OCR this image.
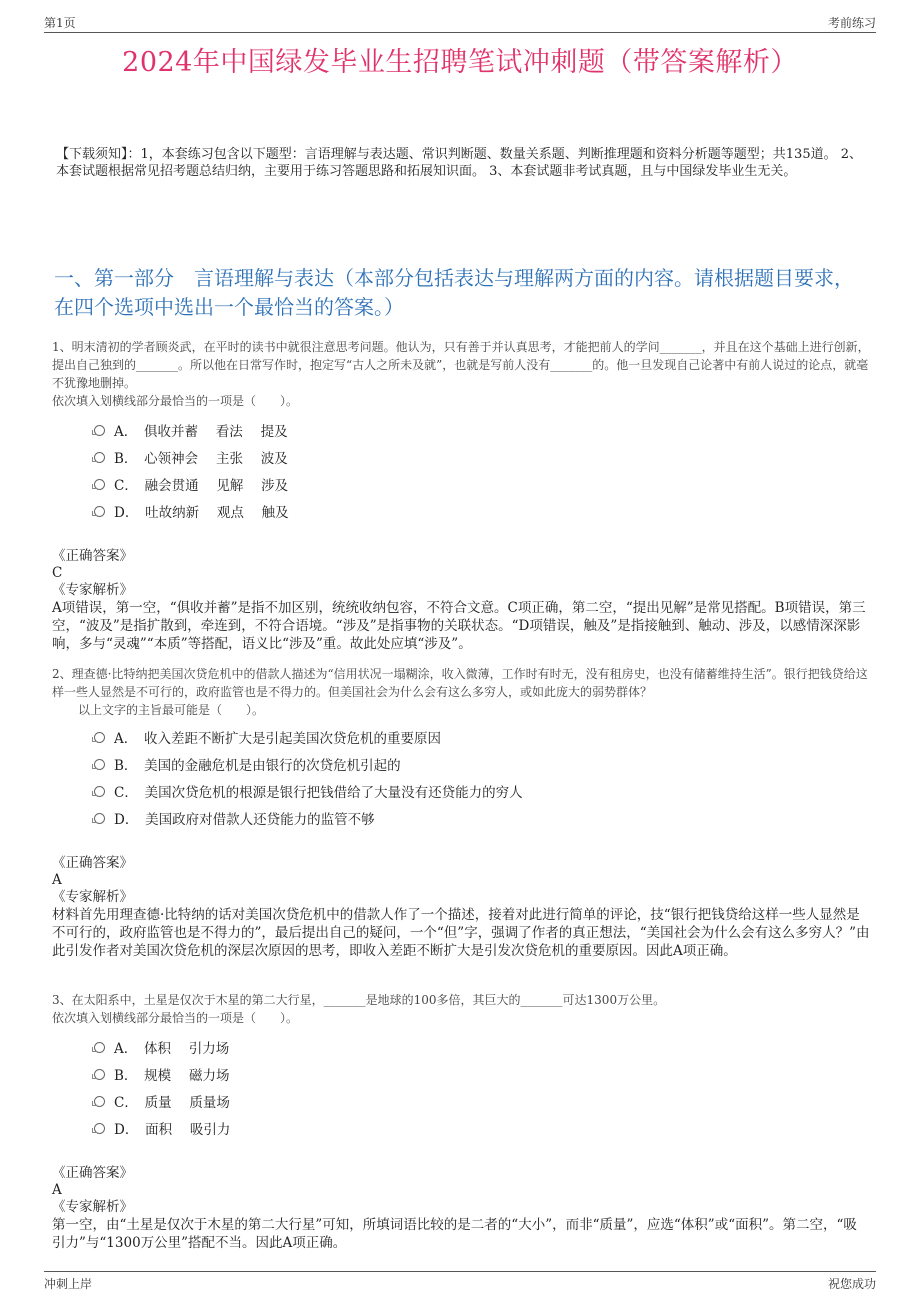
第1页	考前练习
2024年中国绿发毕业生招聘笔试冲刺题（带答案解析）
【下载须知】：1，本套练习包含以下题型：言语理解与表达题、常识判断题、数量关系题、判断推理题和资料分析题等题型；共135道。 2、本套试题根据常见招考题总结归纳，主要用于练习答题思路和拓展知识面。 3、本套试题非考试真题，且与中国绿发毕业生无关。
一、第一部分　言语理解与表达（本部分包括表达与理解两方面的内容。请根据题目要求，在四个选项中选出一个最恰当的答案。）
1、明末清初的学者顾炎武，在平时的读书中就很注意思考问题。他认为，只有善于并认真思考，才能把前人的学问_______，并且在这个基础上进行创新，提出自己独到的_______。所以他在日常写作时，抱定写“古人之所未及就”，也就是写前人没有_______的。他一旦发现自己论著中有前人说过的论点，就毫不犹豫地删掉。
依次填入划横线部分最恰当的一项是（　　）。
A．　俱收并蓄　 看法　 提及
B．　心领神会　 主张　 波及
C．　融会贯通　 见解　 涉及
D．　吐故纳新　 观点　 触及
《正确答案》
C
《专家解析》
A项错误，第一空，“俱收并蓄”是指不加区别，统统收纳包容，不符合文意。C项正确，第二空，“提出见解”是常见搭配。B项错误，第三空，“波及”是指扩散到，牵连到，不符合语境。“涉及”是指事物的关联状态。“D项错误，触及”是指接触到、触动、涉及，以感情深深影响，多与“灵魂”“本质”等搭配，语义比“涉及”重。故此处应填“涉及”。
2、理查德·比特纳把美国次贷危机中的借款人描述为“信用状况一塌糊涂，收入微薄，工作时有时无，没有租房史，也没有储蓄维持生活”。银行把钱贷给这样一些人显然是不可行的，政府监管也是不得力的。但美国社会为什么会有这么多穷人，或如此庞大的弱势群体？
以上文字的主旨最可能是（　　）。
A．　收入差距不断扩大是引起美国次贷危机的重要原因
B．　美国的金融危机是由银行的次贷危机引起的
C．　美国次贷危机的根源是银行把钱借给了大量没有还贷能力的穷人
D．　美国政府对借款人还贷能力的监管不够
《正确答案》
A
《专家解析》
材料首先用理查德·比特纳的话对美国次贷危机中的借款人作了一个描述，接着对此进行简单的评论，技“银行把钱贷给这样一些人显然是不可行的，政府监管也是不得力的”，最后提出自己的疑问，一个“但”字，强调了作者的真正想法，“美国社会为什么会有这么多穷人？”由此引发作者对美国次贷危机的深层次原因的思考，即收入差距不断扩大是引发次贷危机的重要原因。因此A项正确。
3、在太阳系中，土星是仅次于木星的第二大行星，_______是地球的100多倍，其巨大的_______可达1300万公里。
依次填入划横线部分最恰当的一项是（　　）。
A．　体积　 引力场
B．　规模　 磁力场
C．　质量　 质量场
D．　面积　 吸引力
《正确答案》
A
《专家解析》
第一空，由“土星是仅次于木星的第二大行星”可知，所填词语比较的是二者的“大小”，而非“质量”，应选“体积”或“面积”。第二空，“吸引力”与“1300万公里”搭配不当。因此A项正确。
冲刺上岸	祝您成功
